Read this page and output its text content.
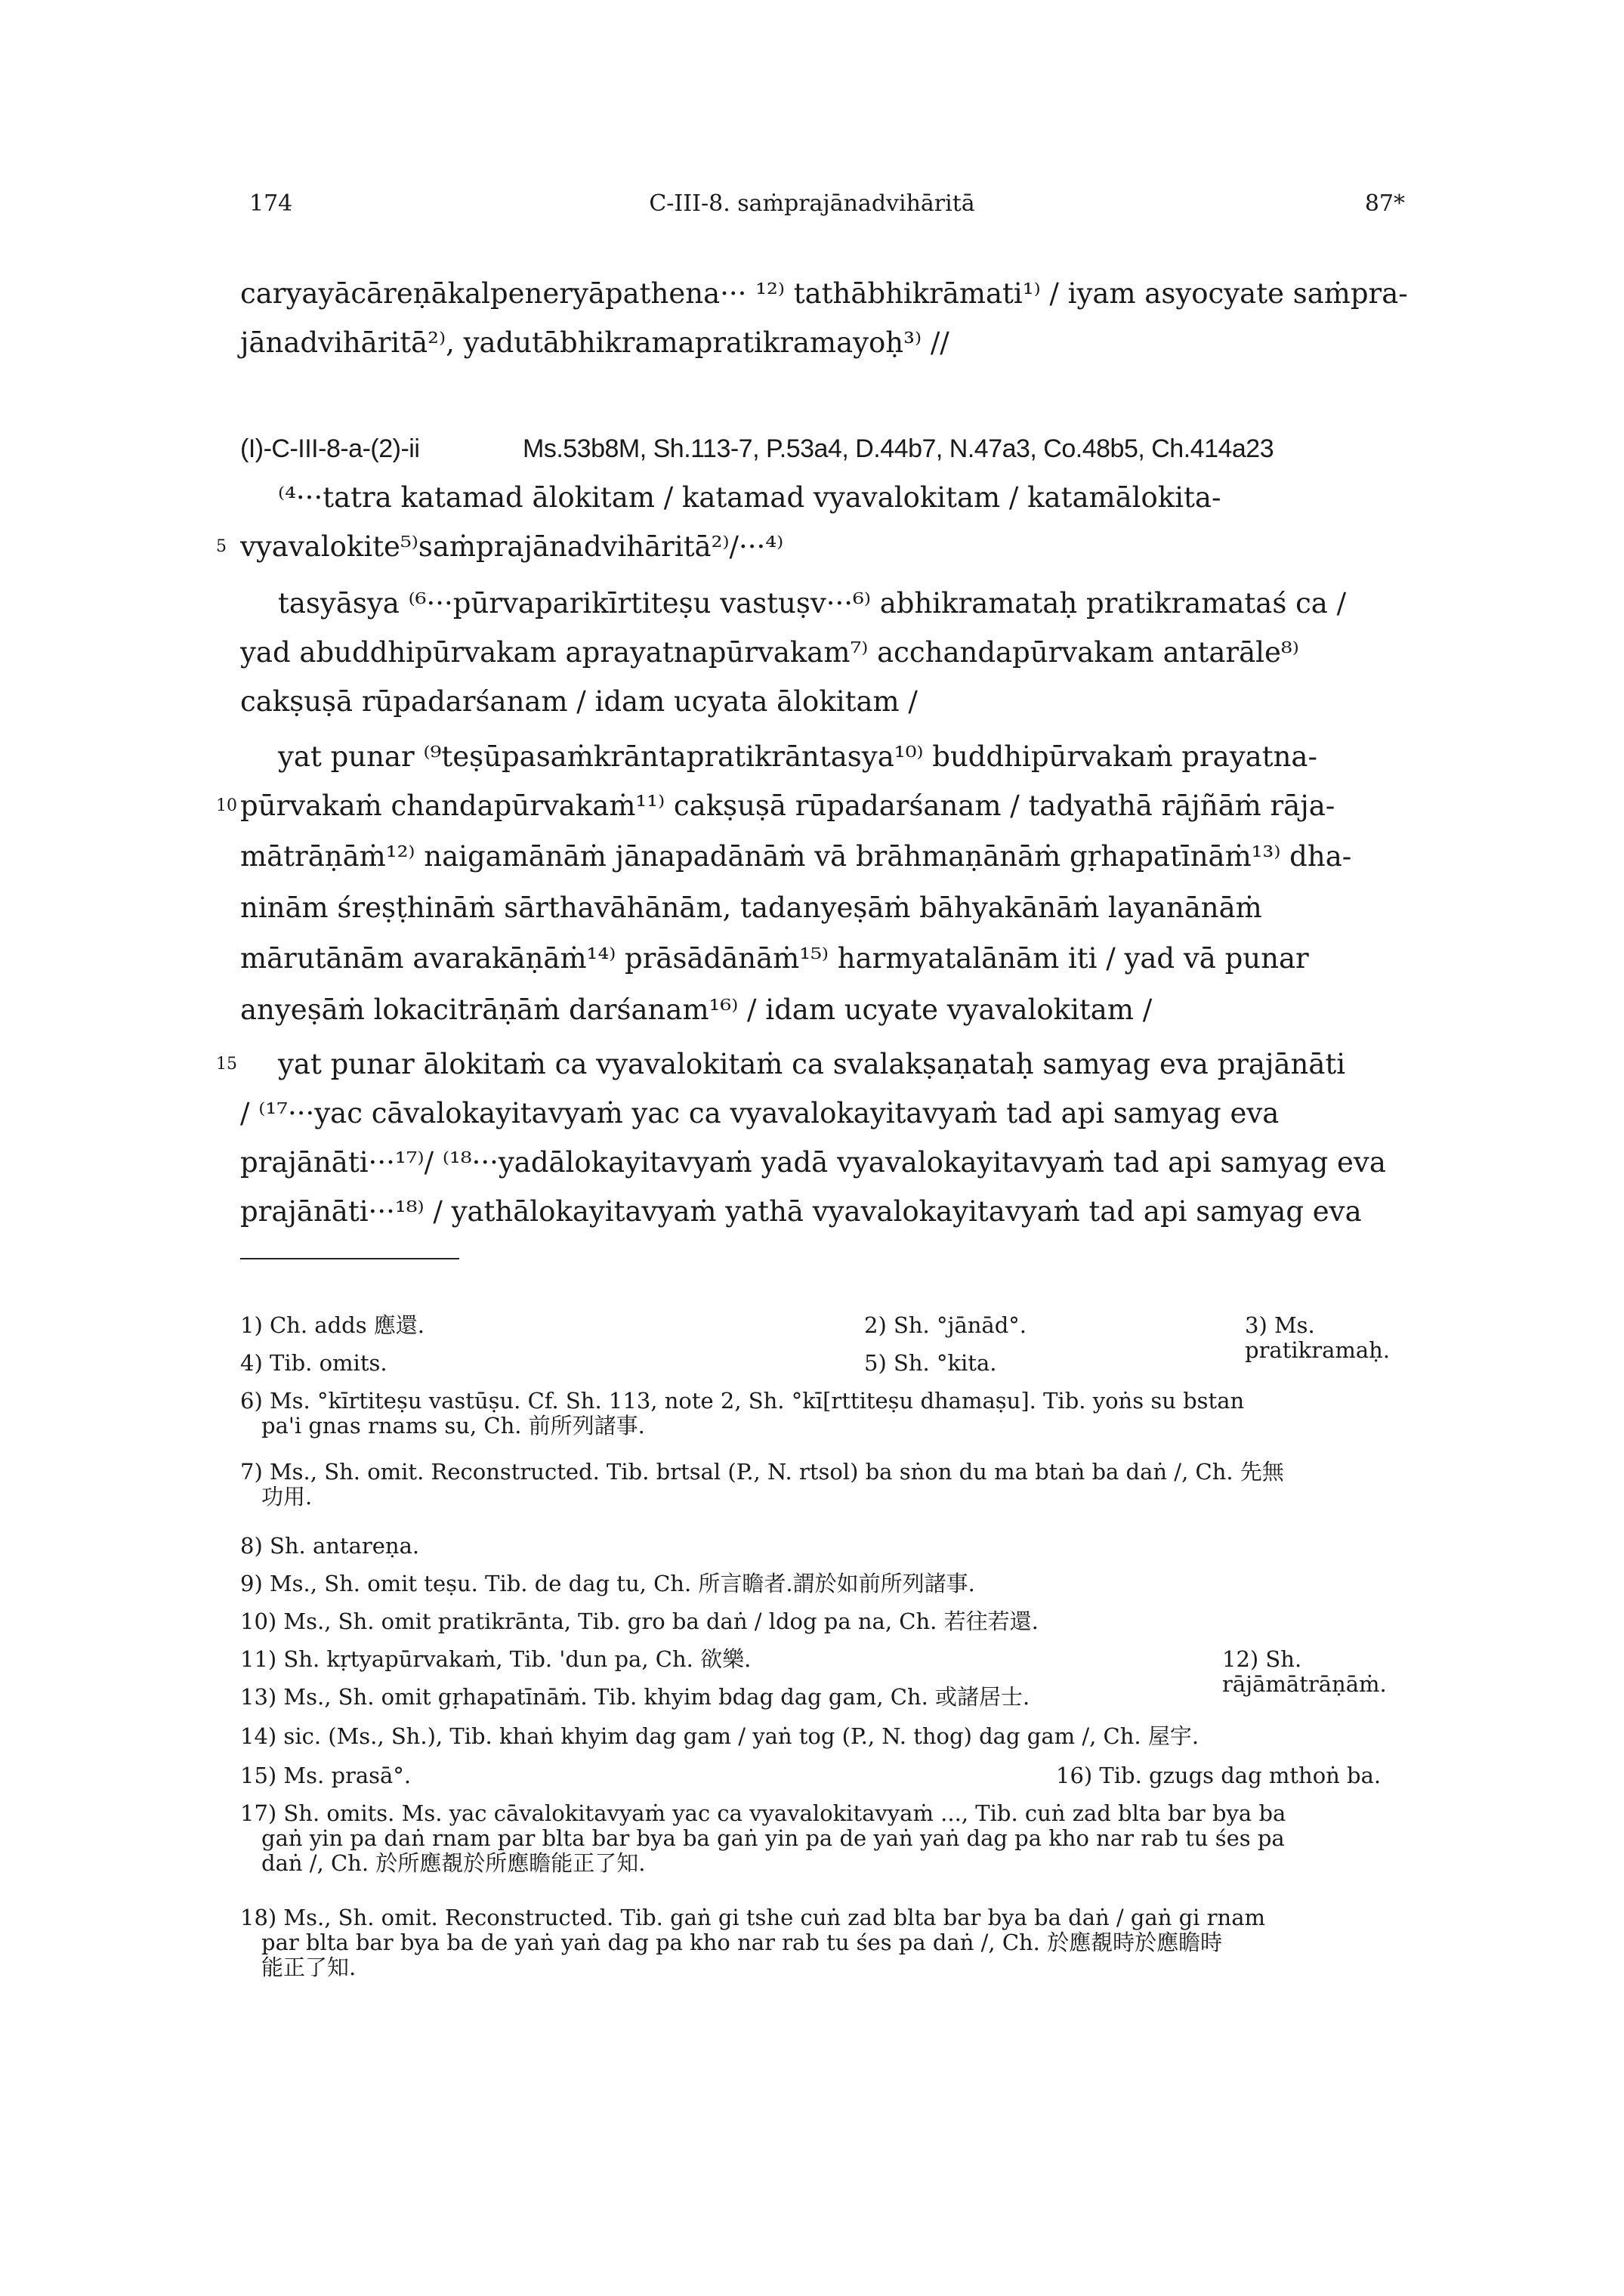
174	C-III-8. saṁprajānadvihāritā	87*
caryayācāreṇākalpeneryāpathena··· ¹²⁾ tathābhikrāmati¹⁾ / iyam asyocyate saṁpra-
jānadvihāritā²⁾, yadutābhikramapratikramayoḥ³⁾ //
(I)-C-III-8-a-(2)-ii	Ms.53b8M, Sh.113-7, P.53a4, D.44b7, N.47a3, Co.48b5, Ch.414a23
⁽⁴···tatra katamad ālokitam / katamad vyavalokitam / katamālokita-
5 vyavalokite⁵⁾saṁprajānadvihāritā²⁾/···⁴⁾
tasyāsya ⁽⁶···pūrvaparikīrtiteṣu vastuṣv···⁶⁾ abhikramataḥ pratikramataś ca /
yad abuddhipūrvakam aprayatnapūrvakam⁷⁾ acchandapūrvakam antarāle⁸⁾
cakṣuṣā rūpadarśanam / idam ucyata ālokitam /
yat punar ⁽⁹teṣūpasaṁkrāntapratikrāntasya¹⁰⁾ buddhipūrvakaṁ prayatna-
10 pūrvakaṁ chandapūrvakaṁ¹¹⁾ cakṣuṣā rūpadarśanam / tadyathā rājñāṁ rāja-
mātrāṇāṁ¹²⁾ naigamānāṁ jānapadānāṁ vā brāhmaṇānāṁ gṛhapatīnāṁ¹³⁾ dha-
ninām śreṣṭhināṁ sārthavāhānām, tadanyeṣāṁ bāhyakānāṁ layanānāṁ
mārutānām avarakāṇāṁ¹⁴⁾ prāsādānāṁ¹⁵⁾ harmyatalānām iti / yad vā punar
anyeṣāṁ lokacitrāṇāṁ darśanam¹⁶⁾ / idam ucyate vyavalokitam /
15 yat punar ālokitaṁ ca vyavalokitaṁ ca svalakṣaṇataḥ samyag eva prajānāti
/ ⁽¹⁷···yac cāvalokayitavyaṁ yac ca vyavalokayitavyaṁ tad api samyag eva
prajānāti···¹⁷⁾/ ⁽¹⁸···yadālokayitavyaṁ yadā vyavalokayitavyaṁ tad api samyag eva
prajānāti···¹⁸⁾ / yathālokayitavyaṁ yathā vyavalokayitavyaṁ tad api samyag eva
1) Ch. adds 應還.	2) Sh. °jānād°.	3) Ms. pratikramaḥ.
4) Tib. omits.	5) Sh. °kita.
6) Ms. °kīrtiteṣu vastūṣu. Cf. Sh. 113, note 2, Sh. °kī[rttiteṣu dhamaṣu]. Tib. yoṅs su bstan
pa'i gnas rnams su, Ch. 前所列諸事.
7) Ms., Sh. omit. Reconstructed. Tib. brtsal (P., N. rtsol) ba sṅon du ma btaṅ ba daṅ /, Ch. 先無
功用.
8) Sh. antareṇa.
9) Ms., Sh. omit teṣu. Tib. de dag tu, Ch. 所言瞻者.謂於如前所列諸事.
10) Ms., Sh. omit pratikrānta, Tib. gro ba daṅ / ldog pa na, Ch. 若往若還.
11) Sh. kṛtyapūrvakaṁ, Tib. 'dun pa, Ch. 欲樂.	12) Sh. rājāmātrāṇāṁ.
13) Ms., Sh. omit gṛhapatīnāṁ. Tib. khyim bdag dag gam, Ch. 或諸居士.
14) sic. (Ms., Sh.), Tib. khaṅ khyim dag gam / yaṅ tog (P., N. thog) dag gam /, Ch. 屋宇.
15) Ms. prasā°.	16) Tib. gzugs dag mthoṅ ba.
17) Sh. omits. Ms. yac cāvalokitavyaṁ yac ca vyavalokitavyaṁ ..., Tib. cuṅ zad blta bar bya ba
gaṅ yin pa daṅ rnam par blta bar bya ba gaṅ yin pa de yaṅ yaṅ dag pa kho nar rab tu śes pa
daṅ /, Ch. 於所應覩於所應瞻能正了知.
18) Ms., Sh. omit. Reconstructed. Tib. gaṅ gi tshe cuṅ zad blta bar bya ba daṅ / gaṅ gi rnam
par blta bar bya ba de yaṅ yaṅ dag pa kho nar rab tu śes pa daṅ /, Ch. 於應覩時於應瞻時
能正了知.
